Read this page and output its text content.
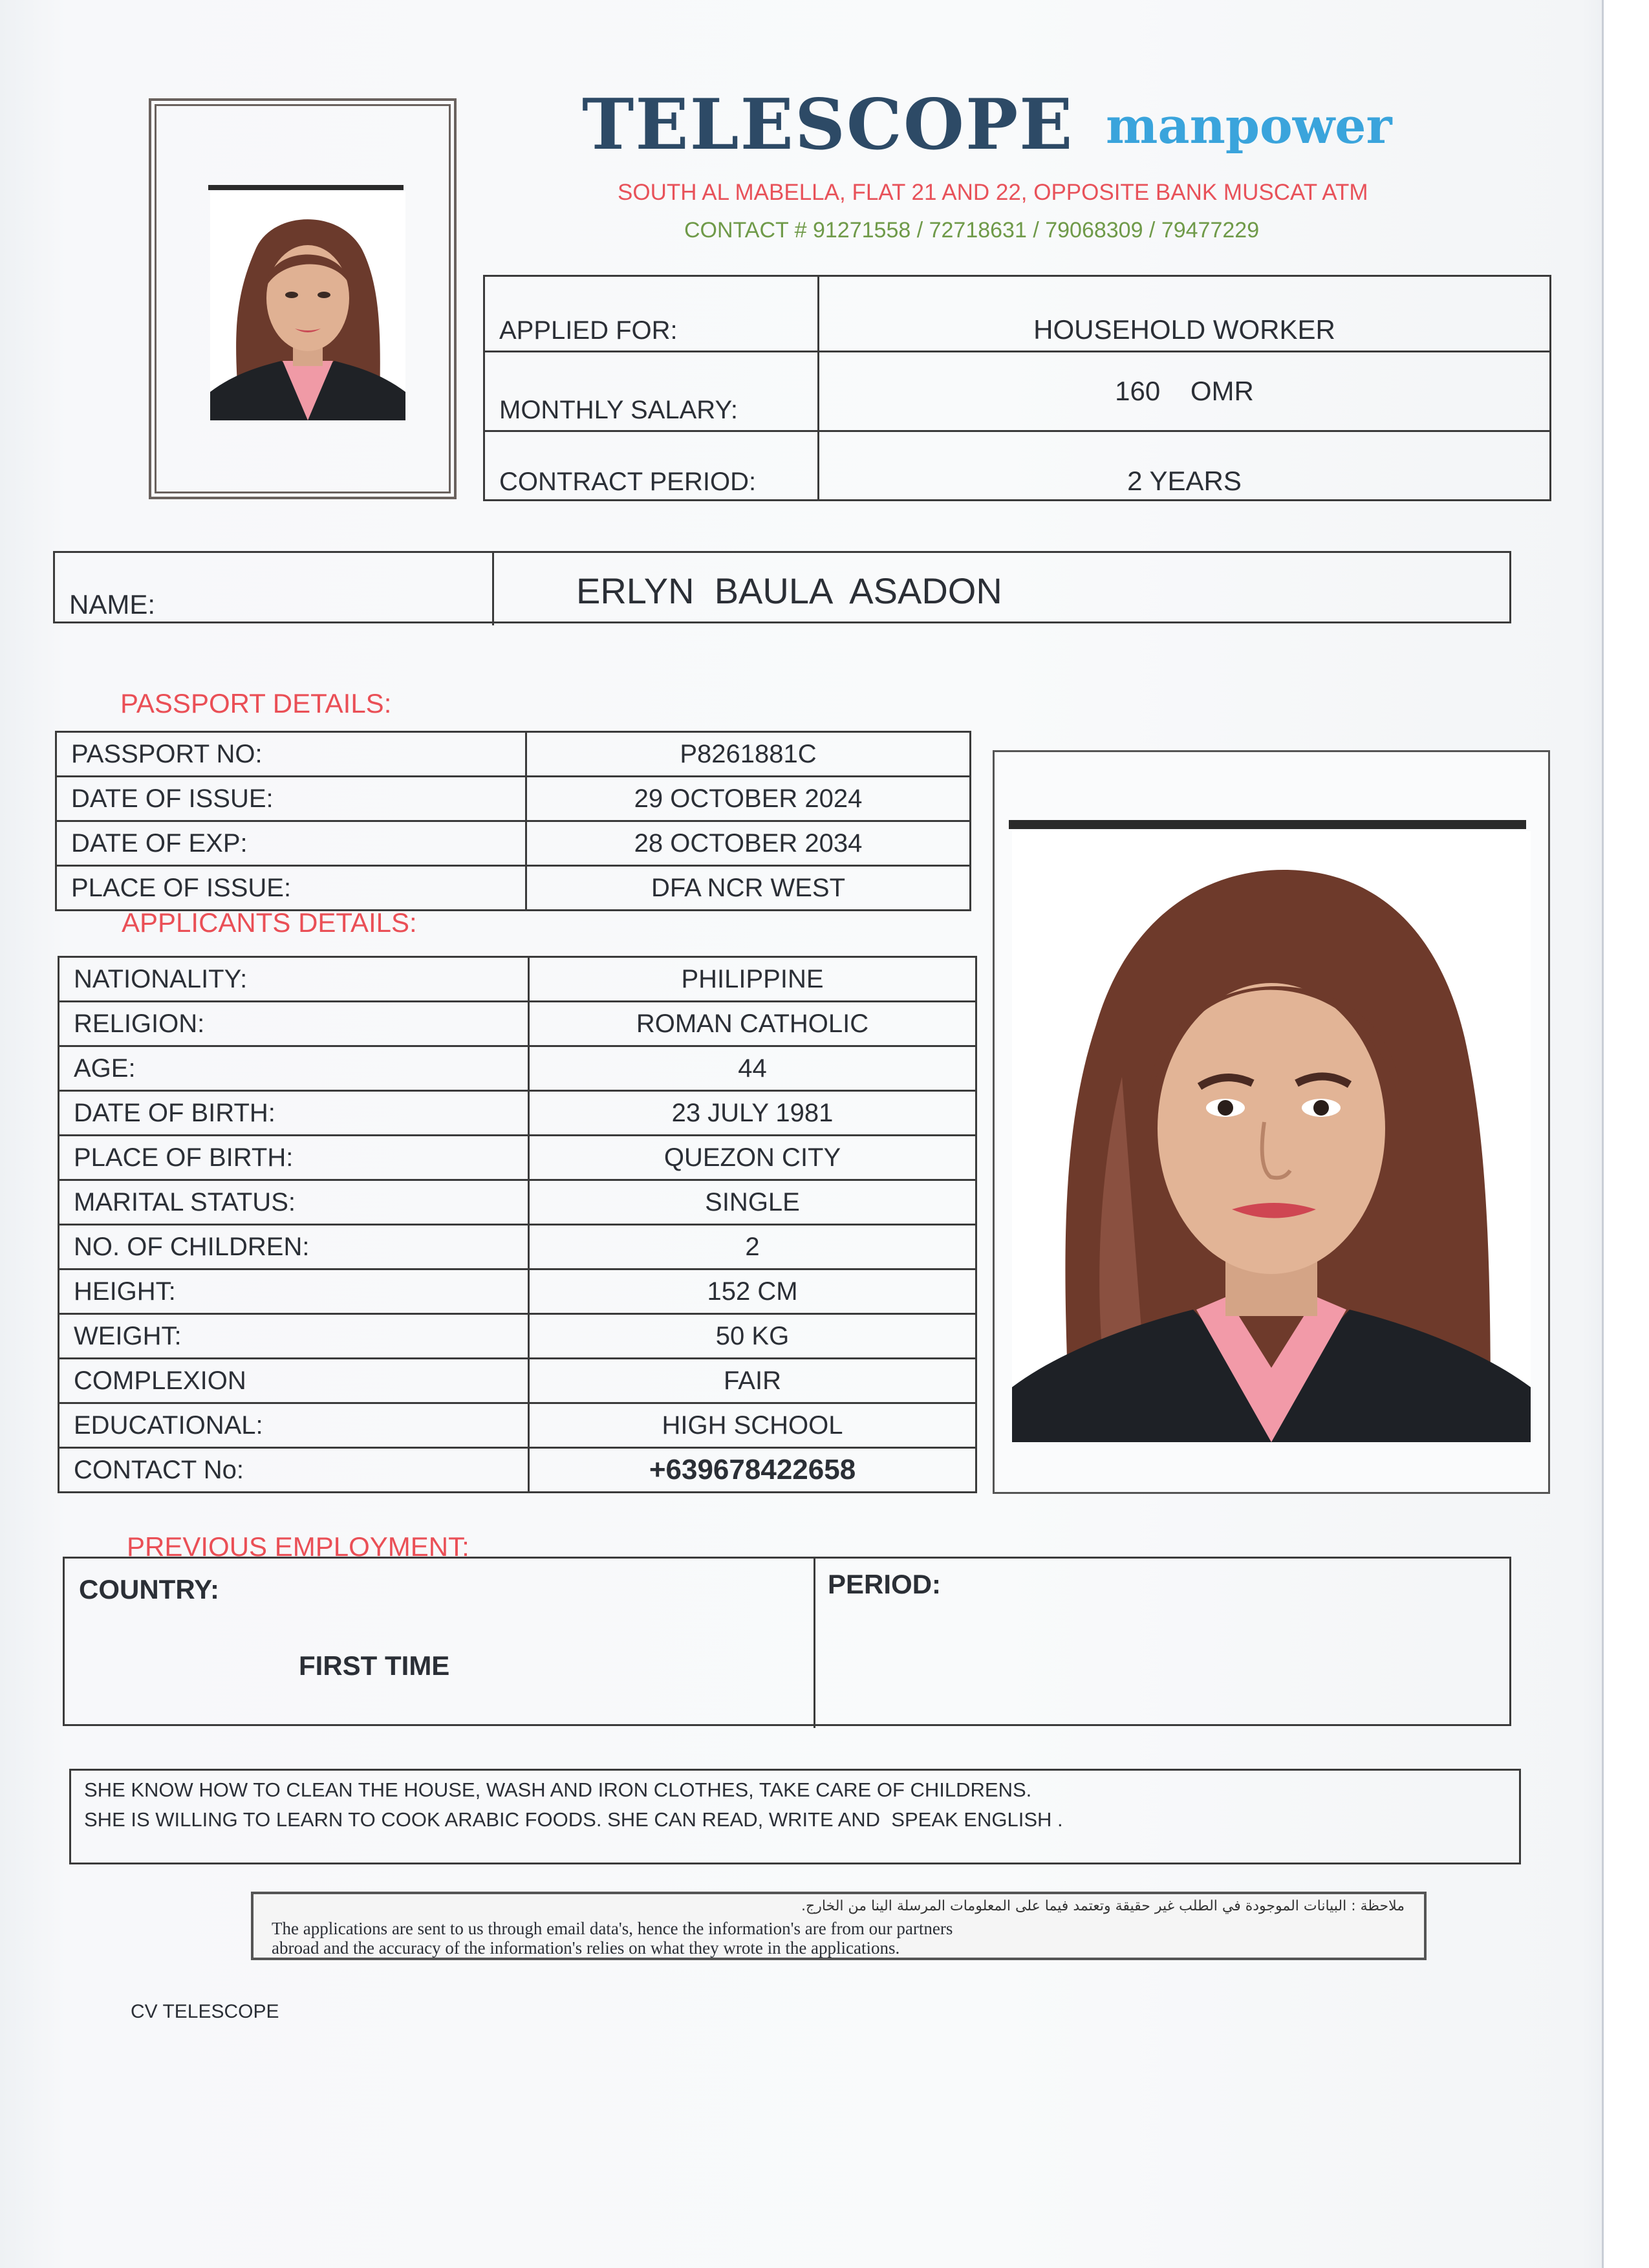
TELESCOPE manpower
SOUTH AL MABELLA, FLAT 21 AND 22, OPPOSITE BANK MUSCAT ATM
CONTACT # 91271558 / 72718631 / 79068309 / 79477229
APPLIED FOR:	HOUSEHOLD WORKER
MONTHLY SALARY:	160    OMR
CONTRACT PERIOD:	2 YEARS
NAME:	ERLYN  BAULA  ASADON
PASSPORT DETAILS:
PASSPORT NO:	P8261881C
DATE OF ISSUE:	29 OCTOBER 2024
DATE OF EXP:	28 OCTOBER 2034
PLACE OF ISSUE:	DFA NCR WEST
APPLICANTS DETAILS:
NATIONALITY:	PHILIPPINE
RELIGION:	ROMAN CATHOLIC
AGE:	44
DATE OF BIRTH:	23 JULY 1981
PLACE OF BIRTH:	QUEZON CITY
MARITAL STATUS:	SINGLE
NO. OF CHILDREN:	2
HEIGHT:	152 CM
WEIGHT:	50 KG
COMPLEXION	FAIR
EDUCATIONAL:	HIGH SCHOOL
CONTACT No:	+639678422658
PREVIOUS EMPLOYMENT:
COUNTRY:
FIRST TIME
PERIOD:
SHE KNOW HOW TO CLEAN THE HOUSE, WASH AND IRON CLOTHES, TAKE CARE OF CHILDRENS.
SHE IS WILLING TO LEARN TO COOK ARABIC FOODS. SHE CAN READ, WRITE AND  SPEAK ENGLISH .
ملاحظة : البيانات الموجودة في الطلب غير حقيقة وتعتمد فيما على المعلومات المرسلة الينا من الخارج.
The applications are sent to us through email data's, hence the information's are from our partners
abroad and the accuracy of the information's relies on what they wrote in the applications.
CV TELESCOPE
